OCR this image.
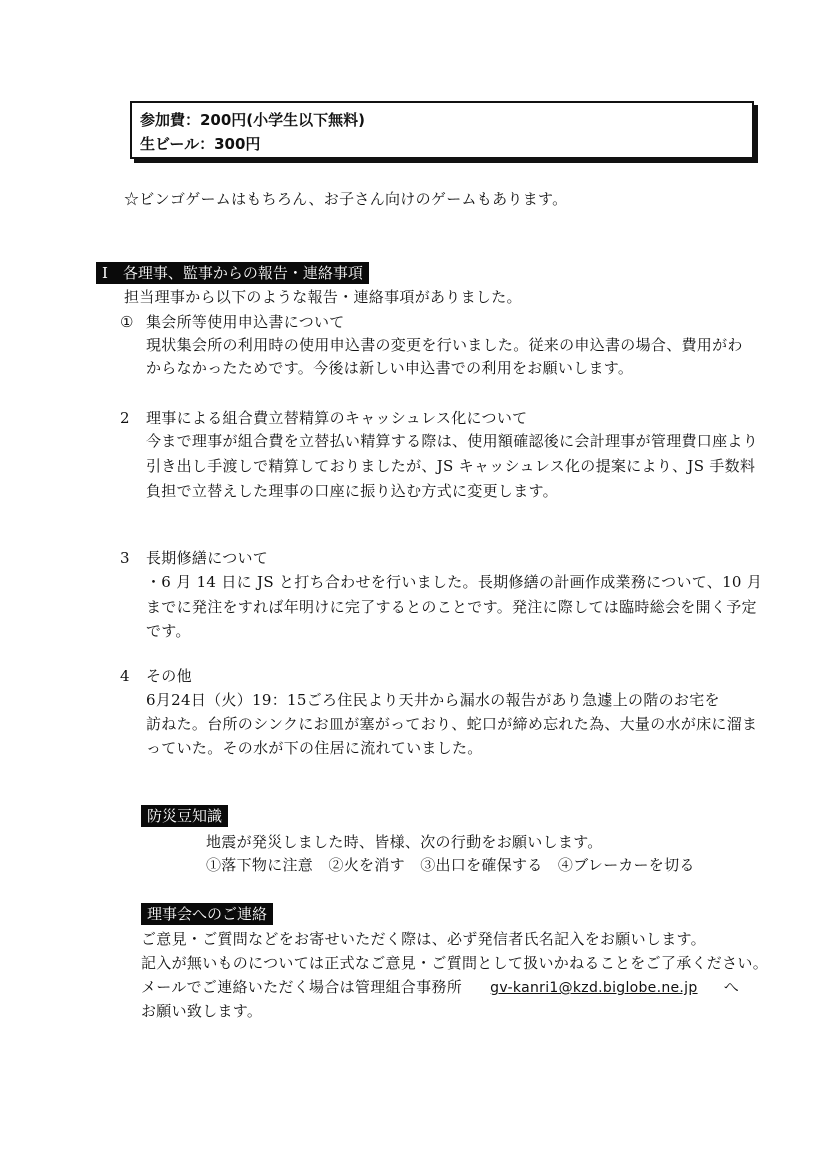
参加費：200円(小学生以下無料)
生ビール：300円
☆ビンゴゲームはもちろん、お子さん向けのゲームもあります。
Ⅰ　各理事、監事からの報告・連絡事項
担当理事から以下のような報告・連絡事項がありました。
① 集会所等使用申込書について
現状集会所の利用時の使用申込書の変更を行いました。従来の申込書の場合、費用がわ
からなかったためです。今後は新しい申込書での利用をお願いします。
2 理事による組合費立替精算のキャッシュレス化について
今まで理事が組合費を立替払い精算する際は、使用額確認後に会計理事が管理費口座より
引き出し手渡しで精算しておりましたが、JS キャッシュレス化の提案により、JS 手数料
負担で立替えした理事の口座に振り込む方式に変更します。
3 長期修繕について
・6 月 14 日に JS と打ち合わせを行いました。長期修繕の計画作成業務について、10 月
までに発注をすれば年明けに完了するとのことです。発注に際しては臨時総会を開く予定
です。
4 その他
6月24日（火）19：15ごろ住民より天井から漏水の報告があり急遽上の階のお宅を
訪ねた。台所のシンクにお皿が塞がっており、蛇口が締め忘れた為、大量の水が床に溜ま
っていた。その水が下の住居に流れていました。
防災豆知識
地震が発災しました時、皆様、次の行動をお願いします。
①落下物に注意　②火を消す　③出口を確保する　④ブレーカーを切る
理事会へのご連絡
ご意見・ご質問などをお寄せいただく際は、必ず発信者氏名記入をお願いします。
記入が無いものについては正式なご意見・ご質問として扱いかねることをご了承ください。
メールでご連絡いただく場合は管理組合事務所 gv-kanri1@kzd.biglobe.ne.jp へ
お願い致します。
